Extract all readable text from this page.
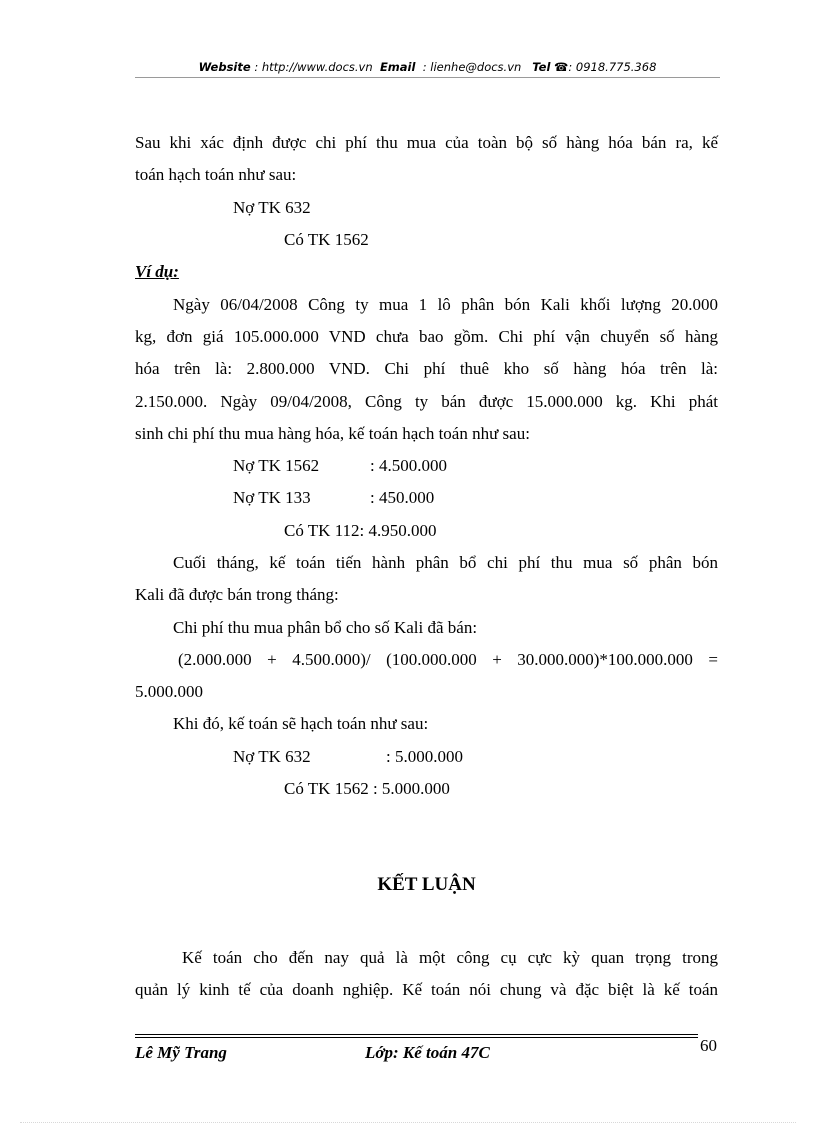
Website : http://www.docs.vn Email : lienhe@docs.vn Tel ☎: 0918.775.368
Sau khi xác định được chi phí thu mua của toàn bộ số hàng hóa bán ra, kế
toán hạch toán như sau:
Nợ TK 632
Có TK 1562
Ví dụ:
Ngày 06/04/2008 Công ty mua 1 lô phân bón Kali khối lượng 20.000
kg, đơn giá 105.000.000 VND chưa bao gồm. Chi phí vận chuyển số hàng
hóa trên là: 2.800.000 VND. Chi phí thuê kho số hàng hóa trên là:
2.150.000. Ngày 09/04/2008, Công ty bán được 15.000.000 kg. Khi phát
sinh chi phí thu mua hàng hóa, kế toán hạch toán như sau:
Nợ TK 1562	: 4.500.000
Nợ TK 133	: 450.000
Có TK 112: 4.950.000
Cuối tháng, kế toán tiến hành phân bổ chi phí thu mua số phân bón
Kali đã được bán trong tháng:
Chi phí thu mua phân bổ cho số Kali đã bán:
(2.000.000 + 4.500.000)/ (100.000.000 + 30.000.000)*100.000.000 =
5.000.000
Khi đó, kế toán sẽ hạch toán như sau:
Nợ TK 632	: 5.000.000
Có TK 1562 : 5.000.000
KẾT LUẬN
Kế toán cho đến nay quả là một công cụ cực kỳ quan trọng trong
quản lý kinh tế của doanh nghiệp. Kế toán nói chung và đặc biệt là kế toán
Lê Mỹ Trang	Lớp: Kế toán 47C	60
